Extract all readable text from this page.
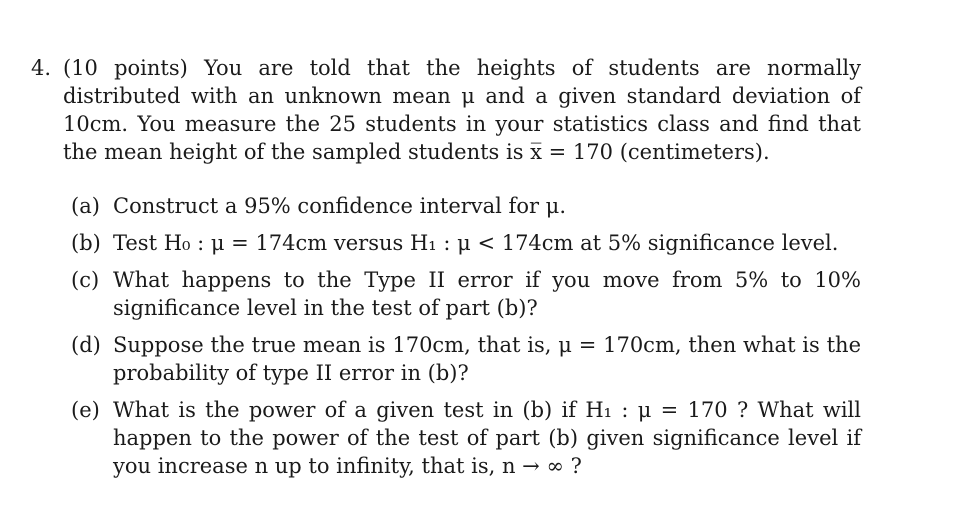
4. (10 points) You are told that the heights of students are normally distributed with an unknown mean μ and a given standard deviation of 10cm. You measure the 25 students in your statistics class and find that the mean height of the sampled students is x̅ = 170 (centimeters).
(a) Construct a 95% confidence interval for μ.
(b) Test H₀ : μ = 174cm versus H₁ : μ < 174cm at 5% significance level.
(c) What happens to the Type II error if you move from 5% to 10% significance level in the test of part (b)?
(d) Suppose the true mean is 170cm, that is, μ = 170cm, then what is the probability of type II error in (b)?
(e) What is the power of a given test in (b) if H₁ : μ = 170 ? What will happen to the power of the test of part (b) given significance level if you increase n up to infinity, that is, n → ∞ ?
